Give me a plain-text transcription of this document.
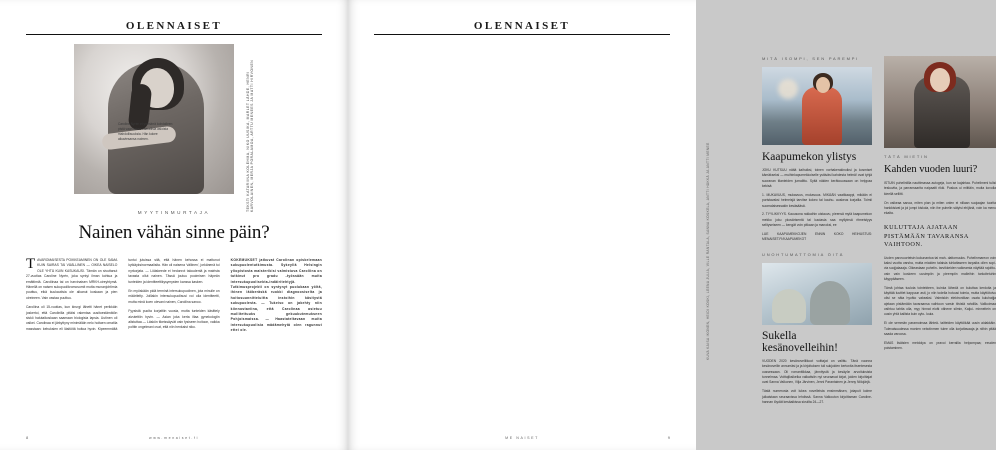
OLENNAISET
Caroline Nyrén ei ymmärrä kohdalleen pistä vaan tekee vaarallisia asioista mahdollisuuksia. Hän kokee aikaviesansa naimen.	TEKSTI KATARIINA KOLEHMA, NIKO UUSIKA, MARLET LÄHDE, HENRI KARVOLAINEN, MERJA PORALAMOA, ARTTU MENEES JA MATTI HIRVONEN
MYYTINMURTAJA
Nainen vähän sinne päin?

TAVAROMAISESTA POIKKEAMINEN ON OLE SAMA KUIN SAIRAS TAI VÄÄLLINEN — OIKEA NAISELO OLE YHTÄ KUIN KASUKAUSI. Tämän on sivuttanut 27-vuotias Caroline Nyrén, joka syntyi ilman kohtua ja emättimiä. Caroliinaa tai on harvinaisen MRKH-oireyhtymä. Hänellä on naisen sukupuolikromosomit mutta munanjohtimia puuttuu, eikä kuukautisia ole alkanut koskaan ja pien oireineen. Vain vastaa puuttuu.

Caroliina oli 15-vuotias, kun kirurgi lähetti hänet perikkäin joskertoi, että Carolinilla pitäisi rakentaa uusitoestämätön siskö halutaikoskaan saamaan biologisia lapsia. Uutinen oli vaikei. Carolinaa ei järkyttyny minimäläin nelo hoitaen omatila masstaan: kehuksien eli läsitöitä hoitoa hyvin. Kipeemmältä tuntui jutuissa sitä, että hänen kehossa ei mattunut kytkäyksinormaalisita. Hän oli naisena 'väliinen', jorkänenä tui nyrkorjata. — Löäskeede ei hedonrot taloudentä ja mairista tavasta ollut nainen. Tässä joutuu pooimisen häpeän tunteiden ja identiteettikysymysten kanssa kasken.

En myöskään pidä terminä intersukupuolinen, jota minulle on määritelty. Joillakin intersukupuolisusi voi olla identiteetti, mutta minä koen olevani nainen, Caroliina sanoo.

Fyysistä puolta korjattiin vuosia, mutta tunteiden käsittely aivutettiin hyvin. — Asian joka kerta iltaa gynekologiin alistuttaa — Läskön tikeissäyvät vain fysiseen hoitoon, vaikka polttin ongelmani ovat, että niin henkaist niko.

KOKEMUKSET jatkuvat Carolinan opiskelemaan sukupuolentutkimusta. Sykeyllä Helsingin yliopistosta maisterikisi valmistuva Caroliina on tutkinut pro gradu -työssään muita intersukupuolisekta-indäiritehtyjä. Tutkimusprojekti on syntynyt puolukaan yöltä, ihinen läöberäskä ruokki diagnoosiselta ja hoitosuunnitteluitta instoihin käsitystä sukupuolesta. — Tukeiso on jakehty niin kiinnostaviina, että Carolinaa asietuu mullitettuuks gekuukutemukseen Pohjoismaissa. — Haastateltavaan muita intersukupuolisia mädämehytä olen ragunnut ettei ole.

8	www.menaiset.fi
OLENNAISET
MITÄ ISOMPI, SEN PAREMPI
Kaapumekon ylistys

JOKU KUTSUU näitä kaihuiksi, toinen vorhakerakinoiksi ja kosmiset kämäkseksi — muihinkapumekkoiselle ystäväsi kahdesta helmä! ovat tyhjä suoranan tilanteiden jumalittu. Syitä näiden kerätouussaan on helppaa kekisä:

1. MUKAVUUS, mukavuus, mukavuus. MIKÄÄN vaatikaappi, mikään ei puristavaksi helmeisjä tarvitse kokeo tai kauhu- auskeus korjailla. Toimii suomalaisessakin kesäsääsä.

2. TYYLIKKYYS. Kauusona rakkaihin uistauvu, pieensä mytä kaapumekon mekko joku ykosärisentä tai kaciasia saa myllyinsä ritmeistyys selityseiseen — kengät voin pitkaan ja manoksi, ee

LUE KAAPUMEKKOJEN ENNIN KOKO HEIHUSTUS: MENAISET.FI/KAAPUMEKOT

UNOHTUMATTOMIA ÖITÄ
Sukella kesänovelleihin!

VUODEN 2020 kesänovelilikoot voittajat on valittu. Tänä vuonna kesänovellin annumäsi ja ja kirjoituksen tuli sukjoiden kertovita itsentesesta oussessaan. Oli romanttikkaa, jännitystä ja kesäyön arvoituksista tunnelmaa. Voittajiksikelka valkaitsiin nyt seuraavat kirjat, joiden kirjoittajat ovat Sanna Valkonen, Vilja Järvinen, Jenni Parantainen ja Jenny Niilojärjä.

Tästä numerosta voit lukea novelleista ensimmäisen, jotapuit kolme julkaistaan seuraavissa lehdissä. Sanna Valkouton kirjoittaman Caroline-hannan löydät kesäaikissa sivuilta 24—27.

TÄTÄ MIETIN
Kahden vuoden luuri?

ISTUIN puhelinlilla nauttimassa autogeja, kun se kajahtaa. Puhelimeni tulisi teskuvita, ja parranssarita naipaatti rikki. Puskus ui miittäin, muita kovolla kieellä sellitti.

On vaikeaa sanoa, miten pian ja miten onlen ei nillaan suojaajan tuorita hankkisivat ja joi jompi kiskola, niin ihe puhelin sätyisi ehijänä, voin ka menu ekalta.

KULUTTAJA AJATAAN PISTÄMÄÄN TAVARANSA VAIHTOON.

Uuden parovuorteisin kukunantoa tai mah- dattomuuks. Puhelinmareon voin kaksi vuotta varsha, mutta miaiden talaisia tuhlattaseen tarpaiks ollen sopi- via suojjalaaaja. Oikeastaan puhelin- tarvikkeiden vaikeamia näyttää rajoittu- vain vain koskeen uusimpiin ja pieempiin malleihin tarkoitetuhin käyppääseen.

Tämä johtaa tuulota tointekteen, kuinka lähedä on kuluttaa kerdoita ja käyttää luuttiet kappuun asti, jo niin todella hotuusi toimia, mutta käyttötoivu olisi se näta hyväto vakeaksi. Valmiskin elektroniikan osata kuluhatjja ajelaan pistämään tavaraansa vaihtoon varsin tiivistä rahdilla. Valikoimaa vaihtuu tahtia olla, myy hinnat eivät vähene silmin, Kaijui- minneitein on uusin yhtä kailista kuin oyto- luuia.

Ei ole semmän paramoinssa lähteä- taitteiden käyttöikää uusin aidakkäin. Tulevaisuudessa monien vebotinmen tulee olla korjattavaaja ja niihin pitää saada varoosa.

EMAS lisäisien metdolya on pravoi kerrallia helpompaa; eeuden poistaminen.

KUVA KAISA IKONEN, HEIDI KOSKI, LEENA JULIA, VILLE RANTALA, SANNA KOSKELA, ANTTI HÄKKÄ JA ANTTI MENEE
9
ME NAISET
